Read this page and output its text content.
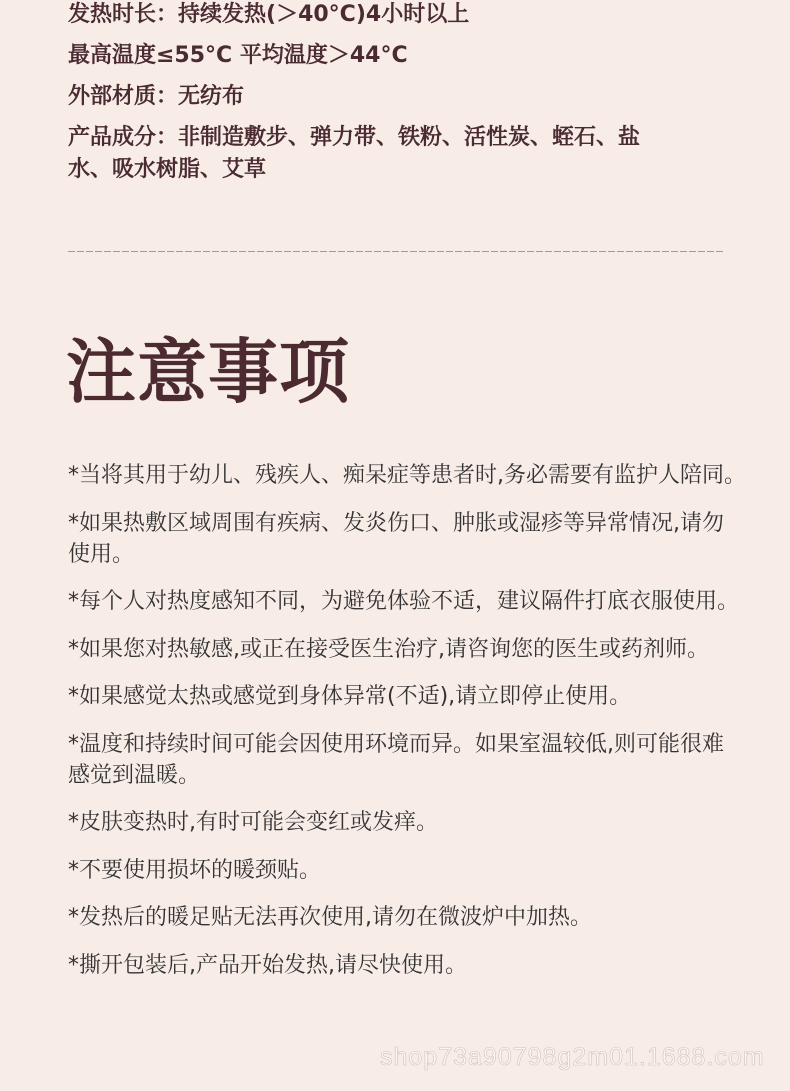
发热时长：持续发热(＞40°C)4小时以上
最高温度≤55°C 平均温度＞44°C
外部材质：无纺布
产品成分：非制造敷步、弹力带、铁粉、活性炭、蛭石、盐
水、吸水树脂、艾草
注意事项
*当将其用于幼儿、残疾人、痴呆症等患者时,务必需要有监护人陪同。
*如果热敷区域周围有疾病、发炎伤口、肿胀或湿疹等异常情况,请勿
使用。
*每个人对热度感知不同，为避免体验不适，建议隔件打底衣服使用。
*如果您对热敏感,或正在接受医生治疗,请咨询您的医生或药剂师。
*如果感觉太热或感觉到身体异常(不适),请立即停止使用。
*温度和持续时间可能会因使用环境而异。如果室温较低,则可能很难
感觉到温暖。
*皮肤变热时,有时可能会变红或发痒。
*不要使用损坏的暖颈贴。
*发热后的暖足贴无法再次使用,请勿在微波炉中加热。
*撕开包装后,产品开始发热,请尽快使用。
shop73a90798g2m01.1688.com
